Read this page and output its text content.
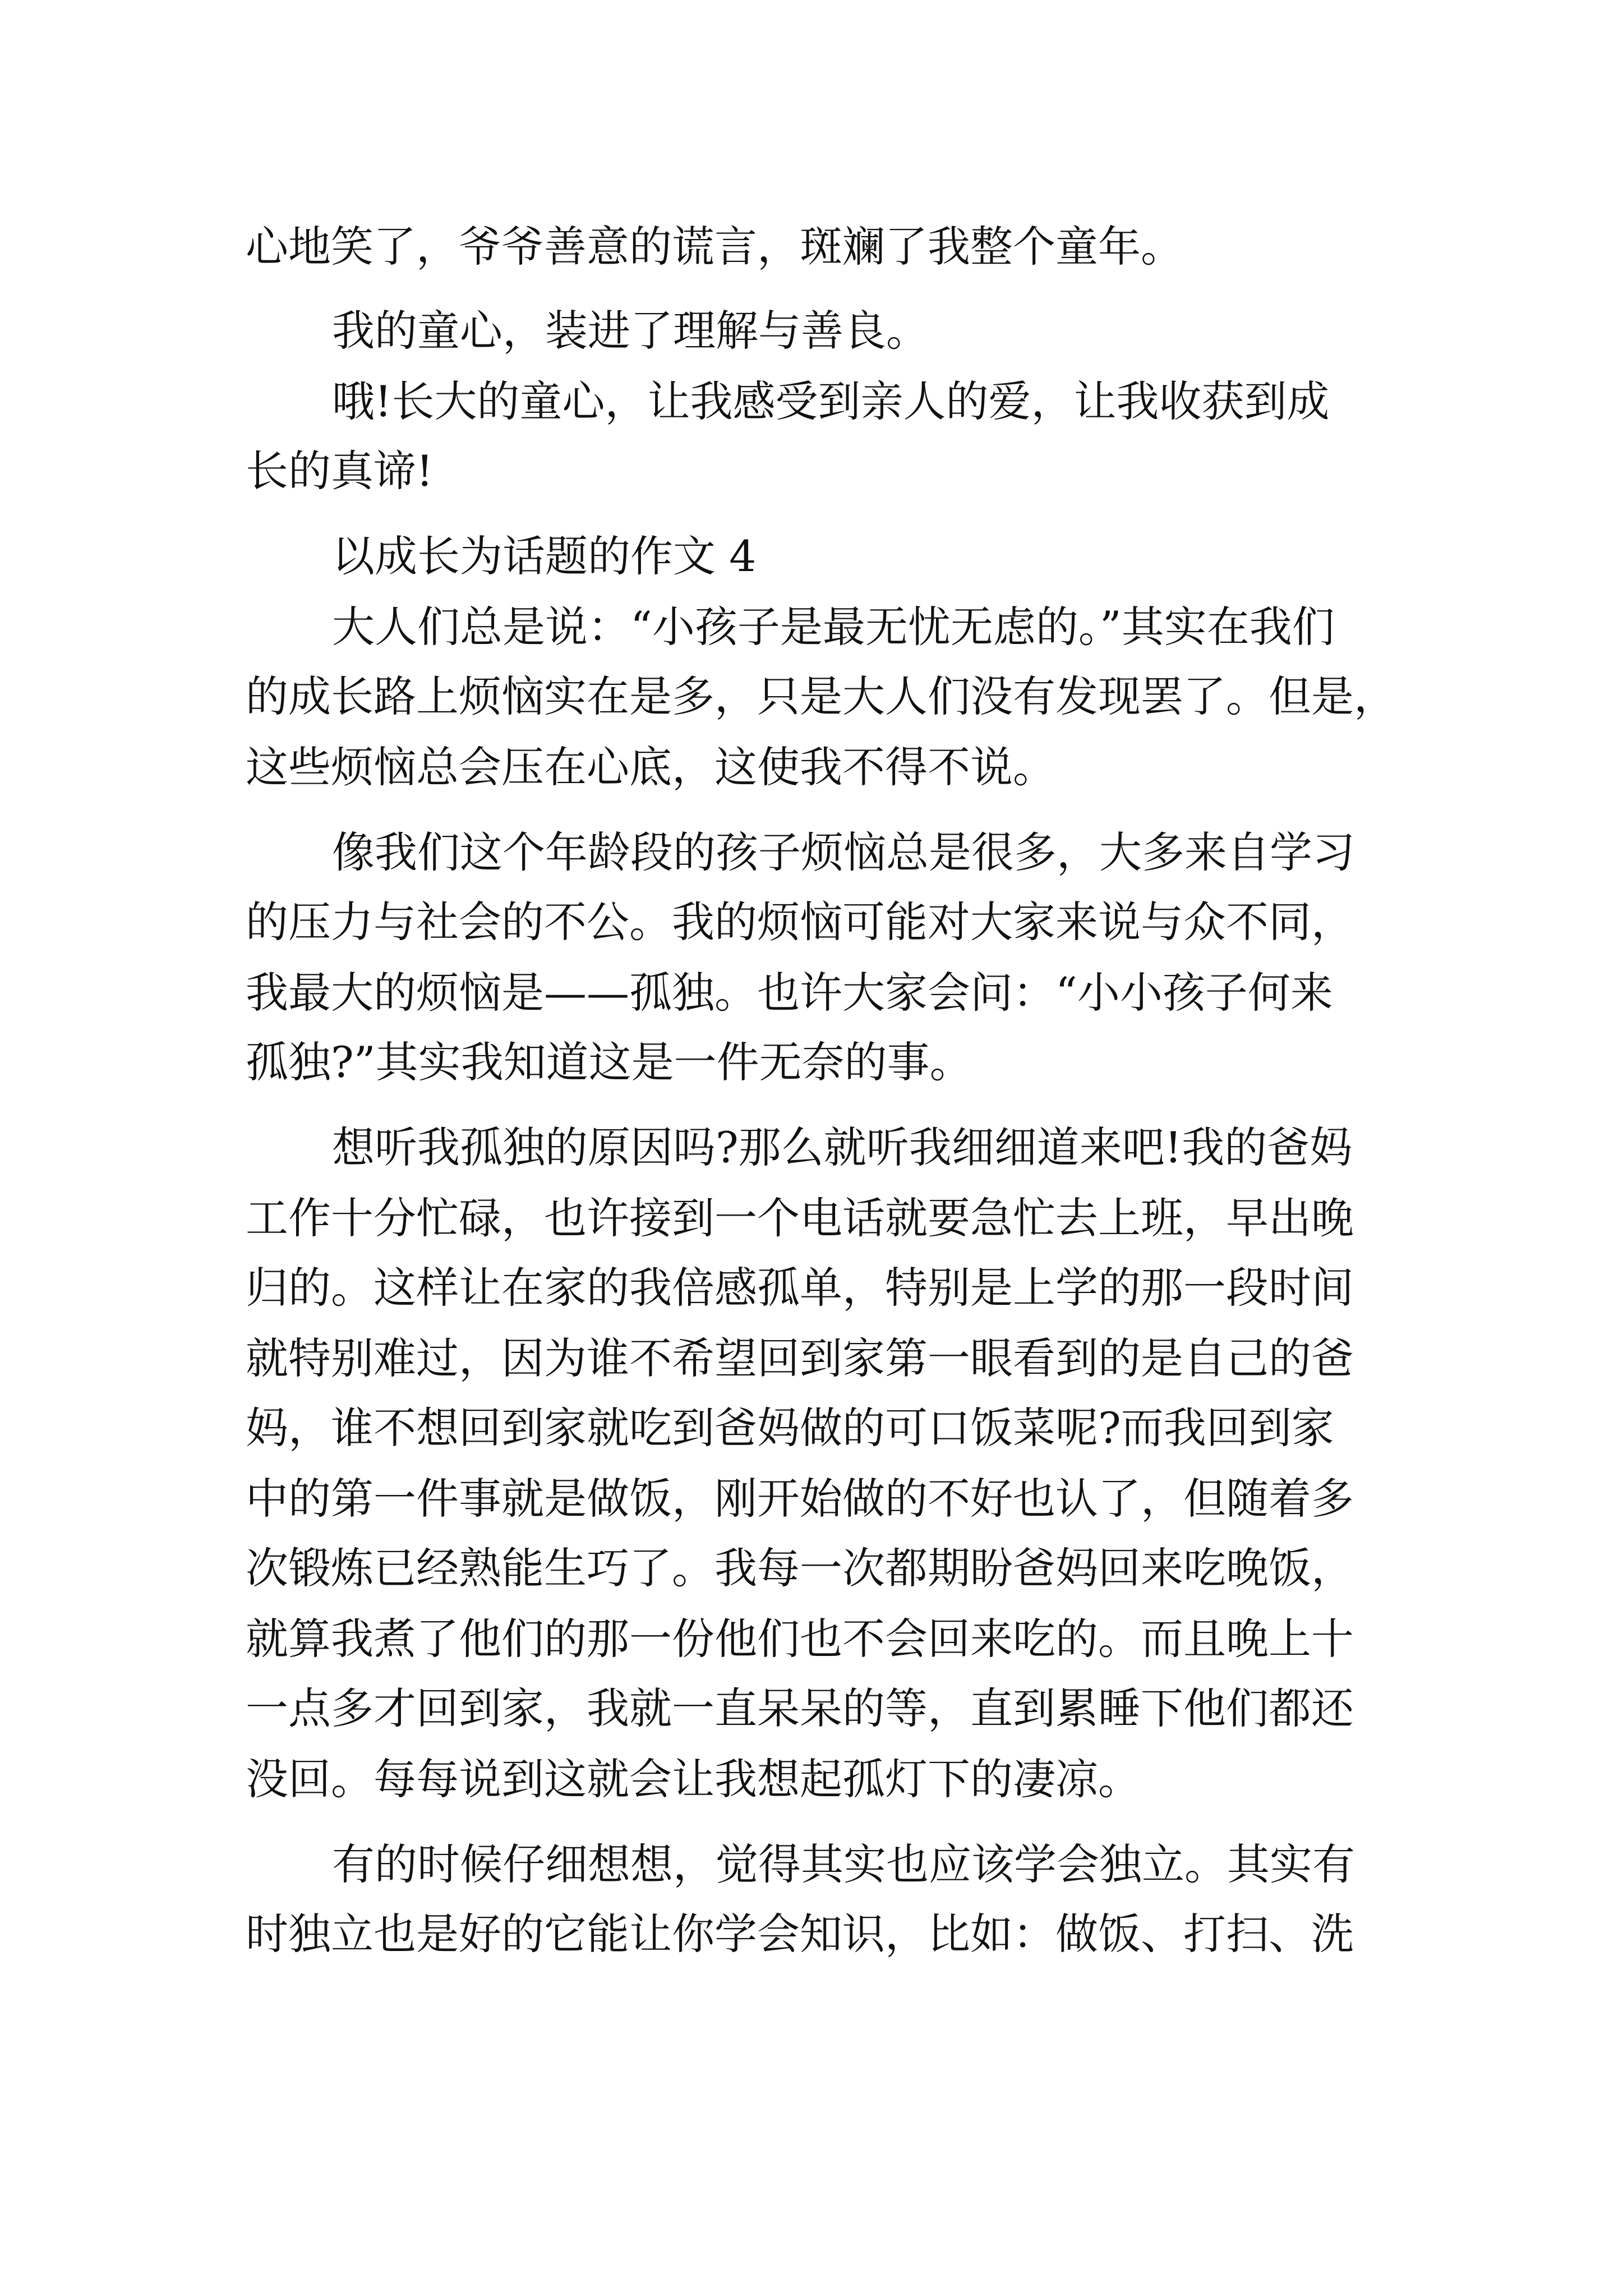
心地笑了，爷爷善意的谎言，斑斓了我整个童年。
我的童心，装进了理解与善良。
哦!长大的童心，让我感受到亲人的爱，让我收获到成
长的真谛!
以成长为话题的作文 4
大人们总是说：“小孩子是最无忧无虑的。”其实在我们
的成长路上烦恼实在是多，只是大人们没有发现罢了。但是，
这些烦恼总会压在心底，这使我不得不说。
像我们这个年龄段的孩子烦恼总是很多，大多来自学习
的压力与社会的不公。我的烦恼可能对大家来说与众不同，
我最大的烦恼是——孤独。也许大家会问：“小小孩子何来
孤独?”其实我知道这是一件无奈的事。
想听我孤独的原因吗?那么就听我细细道来吧!我的爸妈
工作十分忙碌，也许接到一个电话就要急忙去上班，早出晚
归的。这样让在家的我倍感孤单，特别是上学的那一段时间
就特别难过，因为谁不希望回到家第一眼看到的是自己的爸
妈，谁不想回到家就吃到爸妈做的可口饭菜呢?而我回到家
中的第一件事就是做饭，刚开始做的不好也认了，但随着多
次锻炼已经熟能生巧了。我每一次都期盼爸妈回来吃晚饭，
就算我煮了他们的那一份他们也不会回来吃的。而且晚上十
一点多才回到家，我就一直呆呆的等，直到累睡下他们都还
没回。每每说到这就会让我想起孤灯下的凄凉。
有的时候仔细想想，觉得其实也应该学会独立。其实有
时独立也是好的它能让你学会知识，比如：做饭、打扫、洗
